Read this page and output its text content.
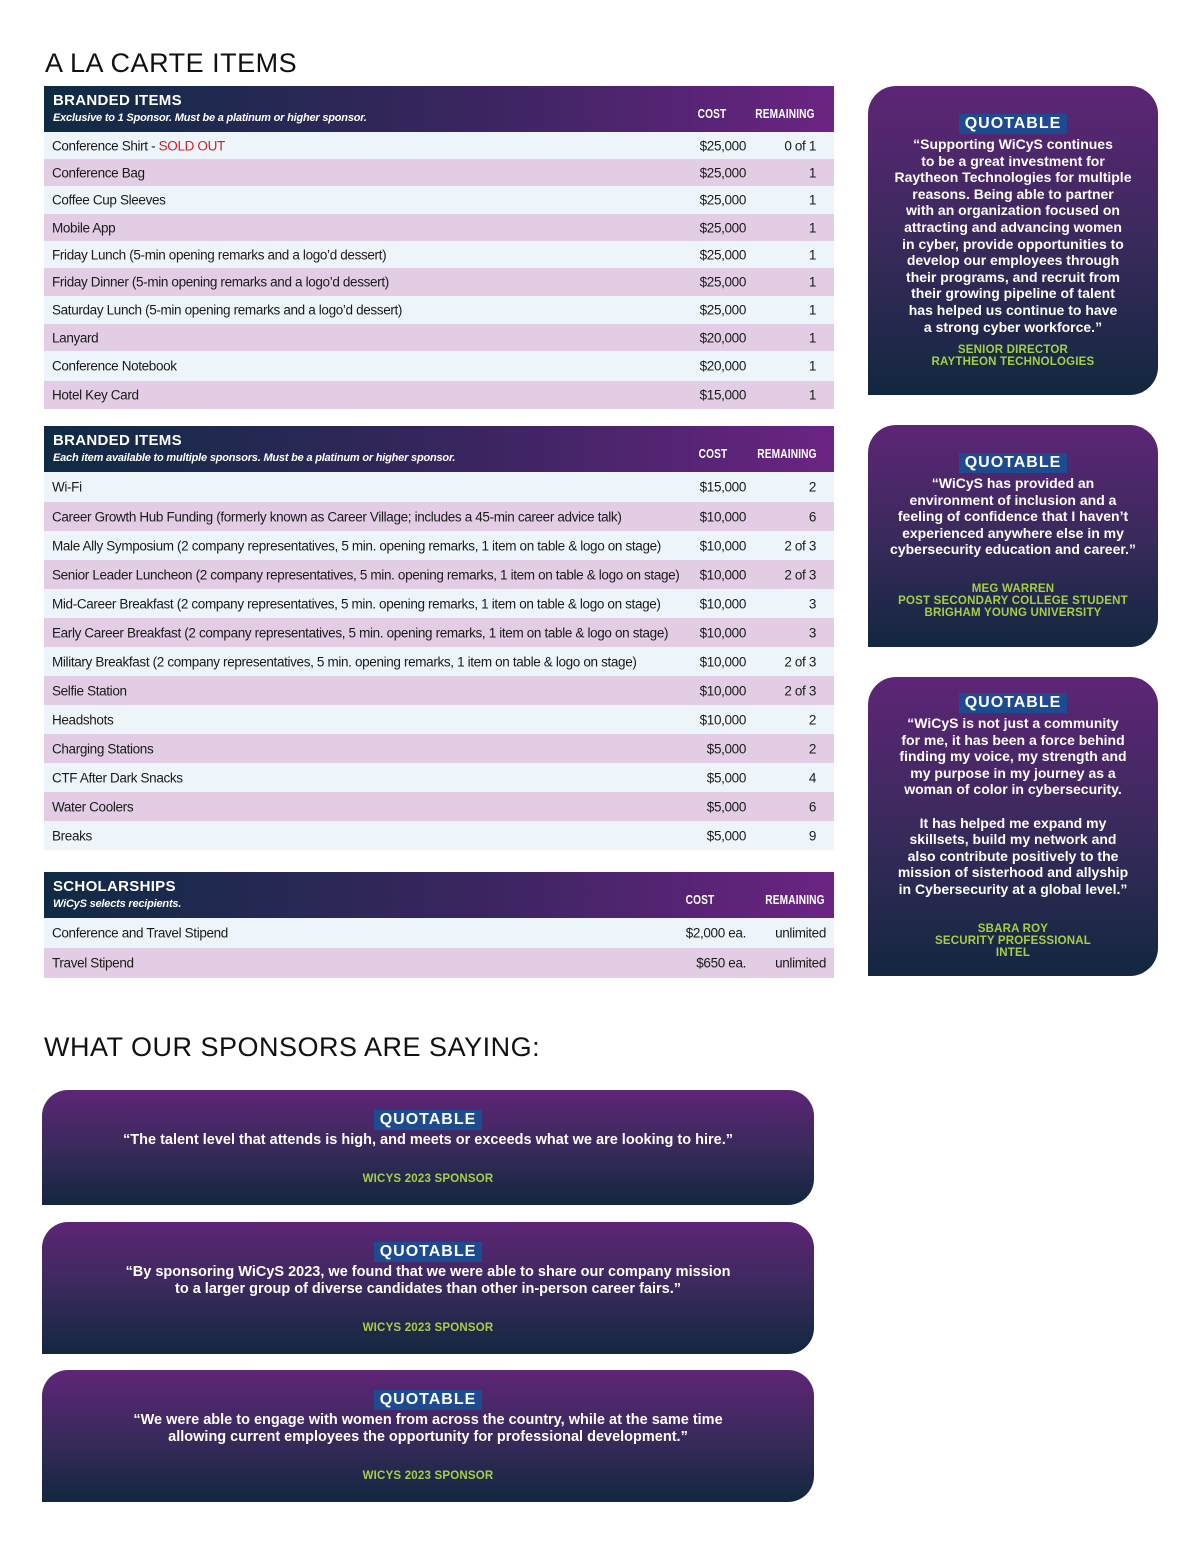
A LA CARTE ITEMS
WHAT OUR SPONSORS ARE SAYING:
BRANDED ITEMS
Exclusive to 1 Sponsor. Must be a platinum or higher sponsor.	COST	REMAINING
Conference Shirt - SOLD OUT	$25,000	0 of 1
Conference Bag	$25,000	1
Coffee Cup Sleeves	$25,000	1
Mobile App	$25,000	1
Friday Lunch (5-min opening remarks and a logo’d dessert)	$25,000	1
Friday Dinner (5-min opening remarks and a logo’d dessert)	$25,000	1
Saturday Lunch (5-min opening remarks and a logo’d dessert)	$25,000	1
Lanyard	$20,000	1
Conference Notebook	$20,000	1
Hotel Key Card	$15,000	1
BRANDED ITEMS
Each item available to multiple sponsors. Must be a platinum or higher sponsor.	COST	REMAINING
Wi-Fi	$15,000	2
Career Growth Hub Funding (formerly known as Career Village; includes a 45-min career advice talk)	$10,000	6
Male Ally Symposium (2 company representatives, 5 min. opening remarks, 1 item on table & logo on stage)	$10,000	2 of 3
Senior Leader Luncheon (2 company representatives, 5 min. opening remarks, 1 item on table & logo on stage) $10,000	2 of 3
Mid-Career Breakfast (2 company representatives, 5 min. opening remarks, 1 item on table & logo on stage)	$10,000	3
Early Career Breakfast (2 company representatives, 5 min. opening remarks, 1 item on table & logo on stage) $10,000	3
Military Breakfast (2 company representatives, 5 min. opening remarks, 1 item on table & logo on stage)	$10,000	2 of 3
Selfie Station	$10,000	2 of 3
Headshots	$10,000	2
Charging Stations	$5,000	2
CTF After Dark Snacks	$5,000	4
Water Coolers	$5,000	6
Breaks	$5,000	9
SCHOLARSHIPS
WiCyS selects recipients.	COST	REMAINING
Conference and Travel Stipend	$2,000 ea. unlimited
Travel Stipend	$650 ea. unlimited
QUOTABLE
“Supporting WiCyS continues
to be a great investment for
Raytheon Technologies for multiple
reasons. Being able to partner
with an organization focused on
attracting and advancing women
in cyber, provide opportunities to
develop our employees through
their programs, and recruit from
their growing pipeline of talent
has helped us continue to have
a strong cyber workforce.”
SENIOR DIRECTOR
RAYTHEON TECHNOLOGIES
QUOTABLE
“WiCyS has provided an
environment of inclusion and a
feeling of confidence that I haven’t
experienced anywhere else in my
cybersecurity education and career.”
MEG WARREN
POST SECONDARY COLLEGE STUDENT
BRIGHAM YOUNG UNIVERSITY
QUOTABLE
“WiCyS is not just a community
for me, it has been a force behind
finding my voice, my strength and
my purpose in my journey as a
woman of color in cybersecurity.
It has helped me expand my
skillsets, build my network and
also contribute positively to the
mission of sisterhood and allyship
in Cybersecurity at a global level.”
SBARA ROY
SECURITY PROFESSIONAL
INTEL
QUOTABLE
“The talent level that attends is high, and meets or exceeds what we are looking to hire.”
WICYS 2023 SPONSOR
QUOTABLE
“By sponsoring WiCyS 2023, we found that we were able to share our company mission
to a larger group of diverse candidates than other in-person career fairs.”
WICYS 2023 SPONSOR
QUOTABLE
“We were able to engage with women from across the country, while at the same time
allowing current employees the opportunity for professional development.”
WICYS 2023 SPONSOR
